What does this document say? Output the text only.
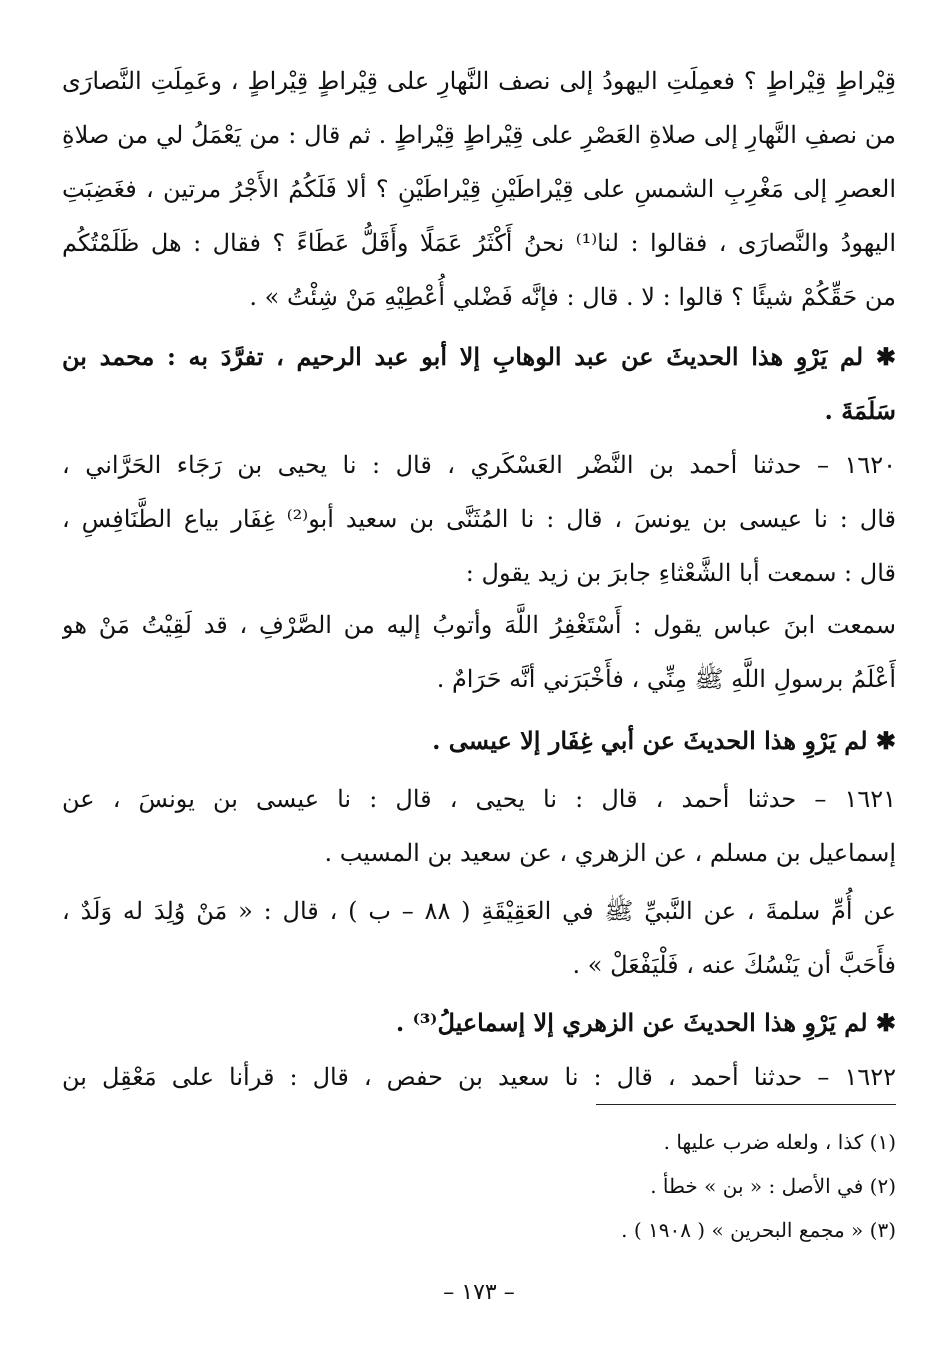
قِيْراطٍ قِيْراطٍ ؟ فعمِلَتِ اليهودُ إلى نصف النَّهارِ على قِيْراطٍ قِيْراطٍ ، وعَمِلَتِ النَّصارَى
من نصفِ النَّهارِ إلى صلاةِ العَصْرِ على قِيْراطٍ قِيْراطٍ . ثم قال : من يَعْمَلُ لي من صلاةِ
العصرِ إلى مَغْرِبِ الشمسِ على قِيْراطَيْنِ قِيْراطَيْنِ ؟ ألا فَلَكُمُ الأَجْرُ مرتين ، فغَضِبَتِ
اليهودُ والنَّصارَى ، فقالوا : لنا⁽¹⁾ نحنُ أَكْثَرُ عَمَلًا وأَقَلُّ عَطَاءً ؟ فقال : هل ظَلَمْتُكُم
من حَقِّكُمْ شيئًا ؟ قالوا : لا . قال : فإنَّه فَضْلي أُعْطِيْهِ مَنْ شِئْتُ » .
✱ لم يَرْوِ هذا الحديثَ عن عبد الوهابِ إلا أبو عبد الرحيم ، تفرَّدَ به : محمد بن
سَلَمَةَ .
١٦٢٠ – حدثنا أحمد بن النَّضْر العَسْكَري ، قال : نا يحيى بن رَجَاء الحَرَّاني ،
قال : نا عيسى بن يونسَ ، قال : نا المُثَنَّى بن سعيد أبو⁽²⁾ غِفَار بياع الطَّنَافِسِ ،
قال : سمعت أبا الشَّعْثاءِ جابرَ بن زيد يقول :
سمعت ابنَ عباس يقول : أَسْتَغْفِرُ اللَّهَ وأتوبُ إليه من الصَّرْفِ ، قد لَقِيْتُ مَنْ هو
أَعْلَمُ برسولِ اللَّهِ ﷺ مِنِّي ، فأَخْبَرَني أنَّه حَرَامٌ .
✱ لم يَرْوِ هذا الحديثَ عن أبي غِفَار إلا عيسى .
١٦٢١ – حدثنا أحمد ، قال : نا يحيى ، قال : نا عيسى بن يونسَ ، عن
إسماعيل بن مسلم ، عن الزهري ، عن سعيد بن المسيب .
عن أُمِّ سلمةَ ، عن النَّبيِّ ﷺ في العَقِيْقَةِ ( ٨٨ – ب ) ، قال : « مَنْ وُلِدَ له وَلَدٌ ،
فأَحَبَّ أن يَنْسُكَ عنه ، فَلْيَفْعَلْ » .
✱ لم يَرْوِ هذا الحديثَ عن الزهري إلا إسماعيلُ⁽³⁾ .
١٦٢٢ – حدثنا أحمد ، قال : نا سعيد بن حفص ، قال : قرأنا على مَعْقِل بن
(١) كذا ، ولعله ضرب عليها .
(٢) في الأصل : « بن » خطأ .
(٣) « مجمع البحرين » ( ١٩٠٨ ) .
– ١٧٣ –
